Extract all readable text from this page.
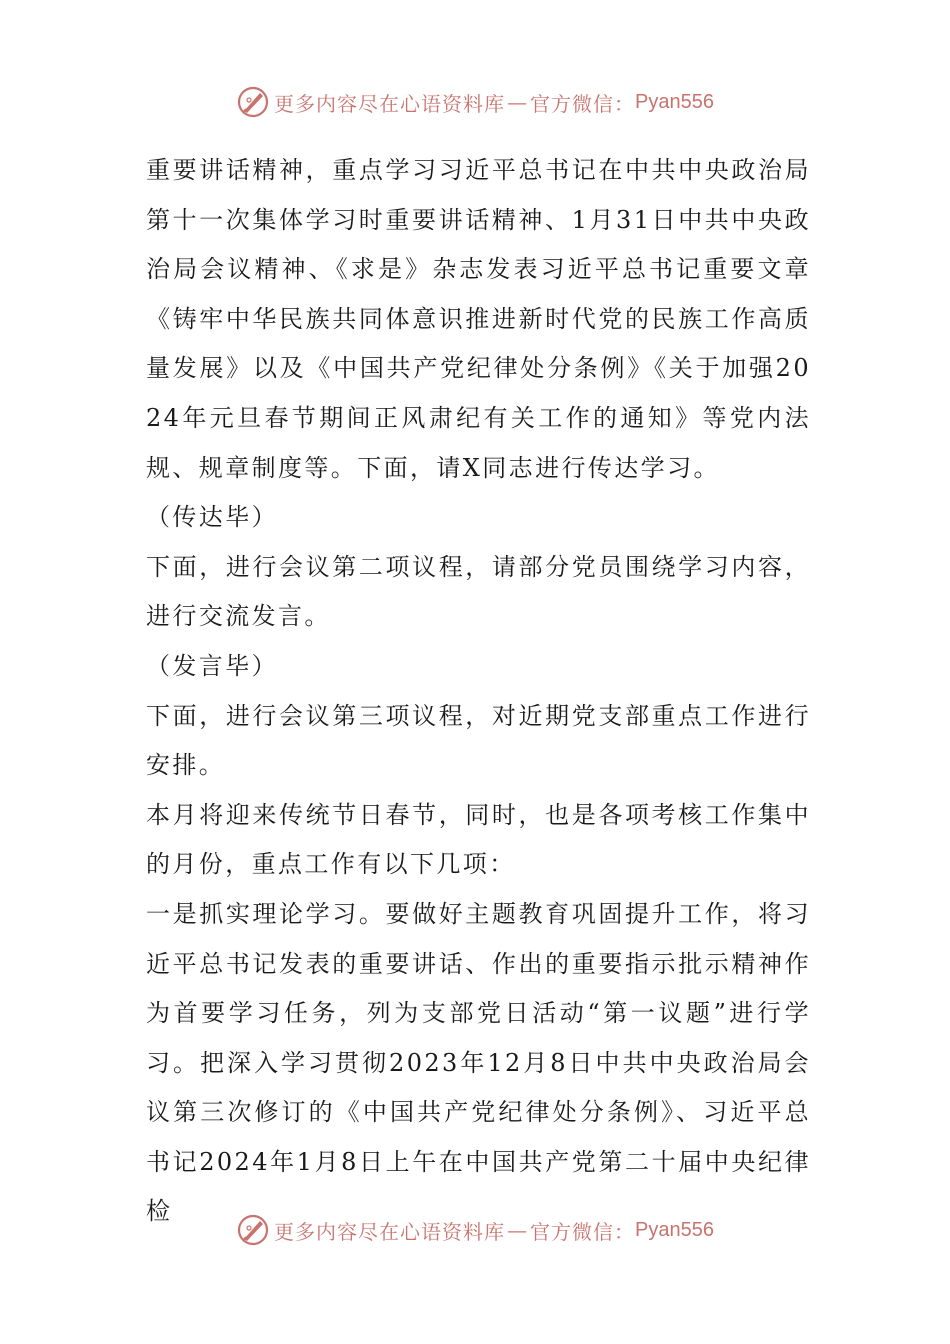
更多内容尽在心语资料库 — 官方微信： Pyan556

重要讲话精神，重点学习习近平总书记在中共中央政治局第十一次集体学习时重要讲话精神、1月31日中共中央政治局会议精神、《求是》杂志发表习近平总书记重要文章《铸牢中华民族共同体意识推进新时代党的民族工作高质量发展》以及《中国共产党纪律处分条例》《关于加强2024年元旦春节期间正风肃纪有关工作的通知》等党内法规、规章制度等。下面，请X同志进行传达学习。

（传达毕）

下面，进行会议第二项议程，请部分党员围绕学习内容，进行交流发言。

（发言毕）

下面，进行会议第三项议程，对近期党支部重点工作进行安排。

本月将迎来传统节日春节，同时，也是各项考核工作集中的月份，重点工作有以下几项：

一是抓实理论学习。要做好主题教育巩固提升工作，将习近平总书记发表的重要讲话、作出的重要指示批示精神作为首要学习任务，列为支部党日活动“第一议题”进行学习。把深入学习贯彻2023年12月8日中共中央政治局会议第三次修订的《中国共产党纪律处分条例》、习近平总书记2024年1月8日上午在中国共产党第二十届中央纪律检

更多内容尽在心语资料库 — 官方微信： Pyan556
